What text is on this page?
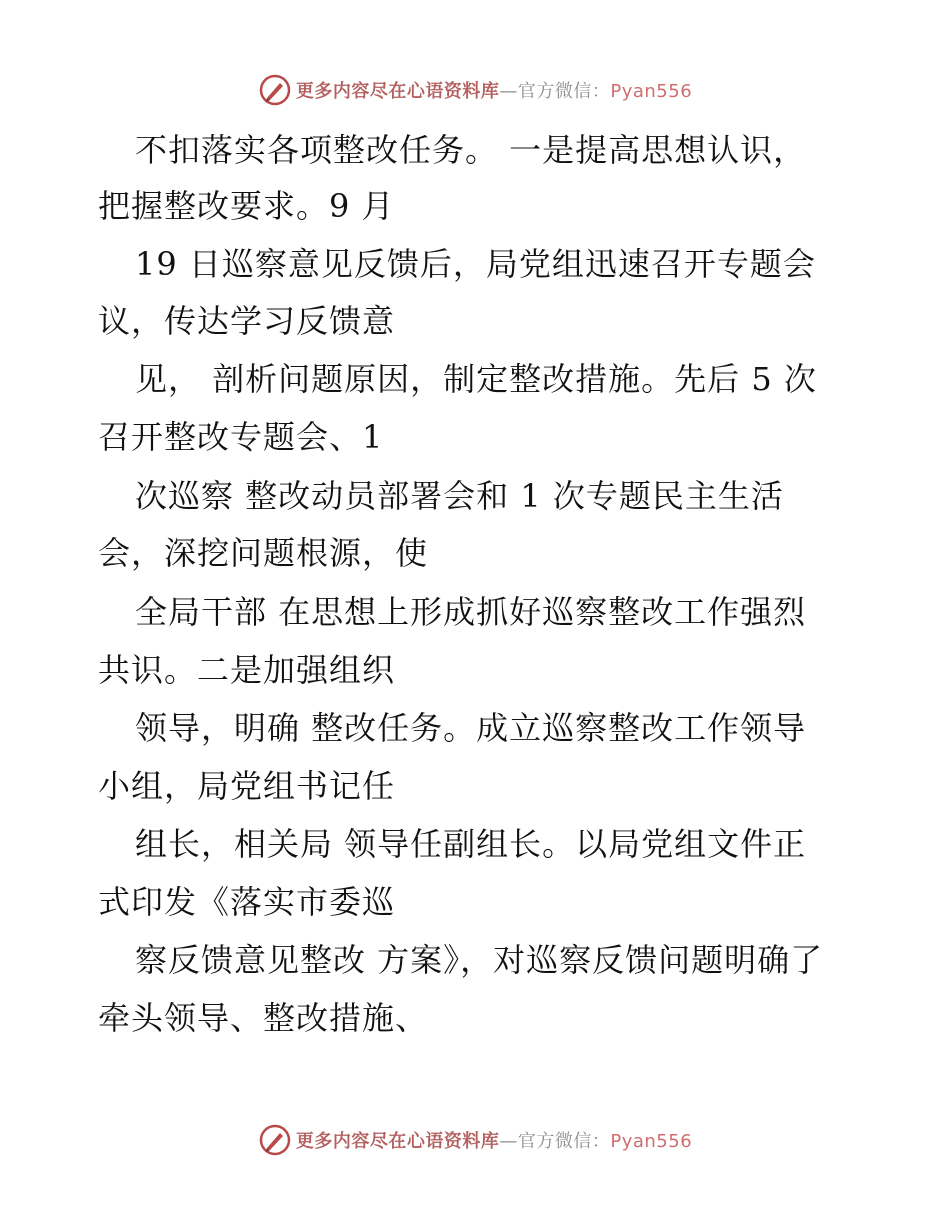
更多内容尽在心语资料库—官方微信：Pyan556
不扣落实各项整改任务。 一是提高思想认识，
把握整改要求。9 月
19 日巡察意见反馈后，局党组迅速召开专题会
议，传达学习反馈意
见， 剖析问题原因，制定整改措施。先后 5 次
召开整改专题会、1
次巡察 整改动员部署会和 1 次专题民主生活
会，深挖问题根源，使
全局干部 在思想上形成抓好巡察整改工作强烈
共识。二是加强组织
领导，明确 整改任务。成立巡察整改工作领导
小组，局党组书记任
组长，相关局 领导任副组长。以局党组文件正
式印发《落实市委巡
察反馈意见整改 方案》，对巡察反馈问题明确了
牵头领导、整改措施、
更多内容尽在心语资料库—官方微信：Pyan556
